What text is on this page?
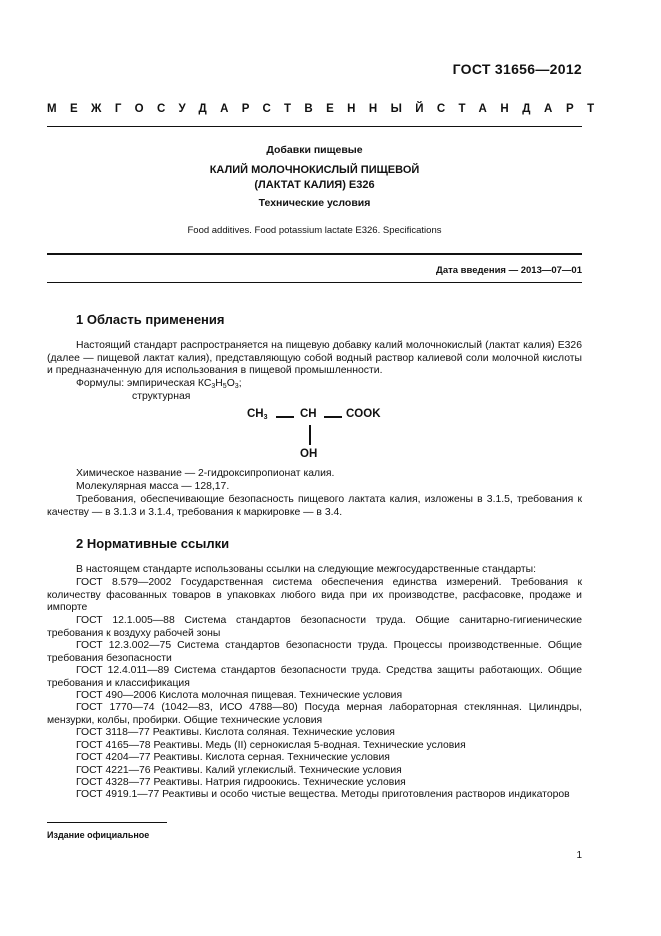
ГОСТ 31656—2012
МЕЖГОСУДАРСТВЕННЫЙ СТАНДАРТ
Добавки пищевые
КАЛИЙ МОЛОЧНОКИСЛЫЙ ПИЩЕВОЙ
(ЛАКТАТ КАЛИЯ) Е326
Технические условия
Food additives. Food potassium lactate E326. Specifications
Дата введения — 2013—07—01
1 Область применения
Настоящий стандарт распространяется на пищевую добавку калий молочнокислый (лактат калия) Е326 (далее — пищевой лактат калия), представляющую собой водный раствор калиевой соли молочной кислоты и предназначенную для использования в пищевой промышленности.
Формулы: эмпирическая $КС_3Н_5О_3$;
структурная
$CH_3$	CH	COOK
OH
Химическое название — 2-гидроксипропионат калия.
Молекулярная масса — 128,17.
Требования, обеспечивающие безопасность пищевого лактата калия, изложены в 3.1.5, требования к качеству — в 3.1.3 и 3.1.4, требования к маркировке — в 3.4.
2 Нормативные ссылки
В настоящем стандарте использованы ссылки на следующие межгосударственные стандарты:
ГОСТ 8.579—2002 Государственная система обеспечения единства измерений. Требования к количеству фасованных товаров в упаковках любого вида при их производстве, расфасовке, продаже и импорте
ГОСТ 12.1.005—88 Система стандартов безопасности труда. Общие санитарно-гигиенические требования к воздуху рабочей зоны
ГОСТ 12.3.002—75 Система стандартов безопасности труда. Процессы производственные. Общие требования безопасности
ГОСТ 12.4.011—89 Система стандартов безопасности труда. Средства защиты работающих. Общие требования и классификация
ГОСТ 490—2006 Кислота молочная пищевая. Технические условия
ГОСТ 1770—74 (1042—83, ИСО 4788—80) Посуда мерная лабораторная стеклянная. Цилиндры, мензурки, колбы, пробирки. Общие технические условия
ГОСТ 3118—77 Реактивы. Кислота соляная. Технические условия
ГОСТ 4165—78 Реактивы. Медь (II) сернокислая 5-водная. Технические условия
ГОСТ 4204—77 Реактивы. Кислота серная. Технические условия
ГОСТ 4221—76 Реактивы. Калий углекислый. Технические условия
ГОСТ 4328—77 Реактивы. Натрия гидроокись. Технические условия
ГОСТ 4919.1—77 Реактивы и особо чистые вещества. Методы приготовления растворов индикаторов
Издание официальное
1
